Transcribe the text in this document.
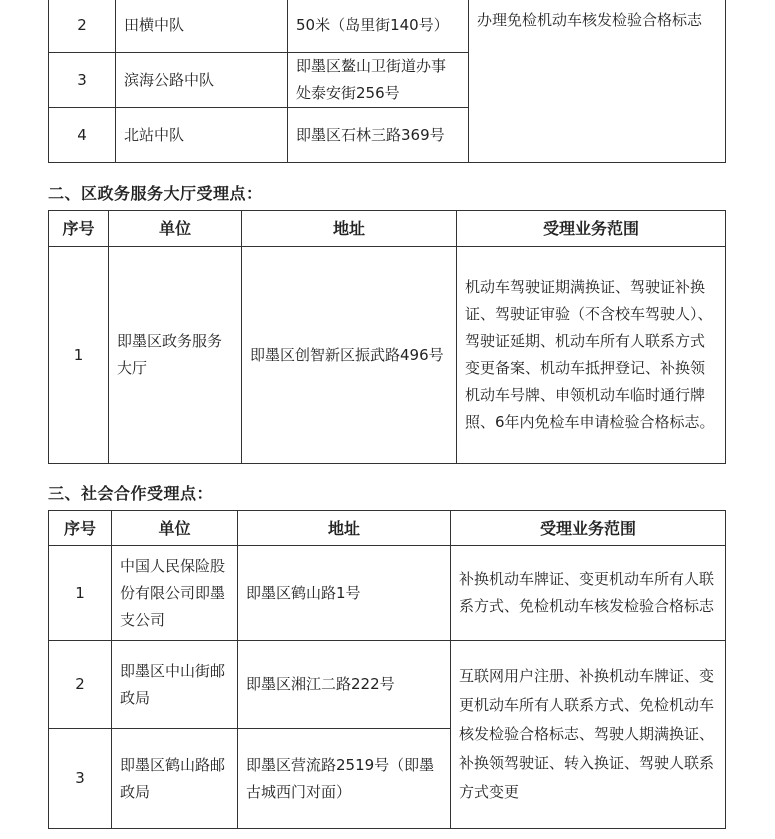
2	田横中队	50米（岛里街140号）	办理免检机动车核发检验合格标志
3	滨海公路中队	即墨区鳌山卫街道办事处泰安街256号	
4	北站中队	即墨区石林三路369号	
二、区政务服务大厅受理点：
序号	单位	地址	受理业务范围
1	即墨区政务服务大厅	即墨区创智新区振武路496号	机动车驾驶证期满换证、驾驶证补换证、驾驶证审验（不含校车驾驶人）、驾驶证延期、机动车所有人联系方式变更备案、机动车抵押登记、补换领机动车号牌、申领机动车临时通行牌照、6年内免检车申请检验合格标志。
三、社会合作受理点：
序号	单位	地址	受理业务范围
1	中国人民保险股份有限公司即墨支公司	即墨区鹤山路1号	补换机动车牌证、变更机动车所有人联系方式、免检机动车核发检验合格标志
2	即墨区中山街邮政局	即墨区湘江二路222号	互联网用户注册、补换机动车牌证、变更机动车所有人联系方式、免检机动车核发检验合格标志、驾驶人期满换证、补换领驾驶证、转入换证、驾驶人联系方式变更
3	即墨区鹤山路邮政局	即墨区营流路2519号（即墨古城西门对面）	
